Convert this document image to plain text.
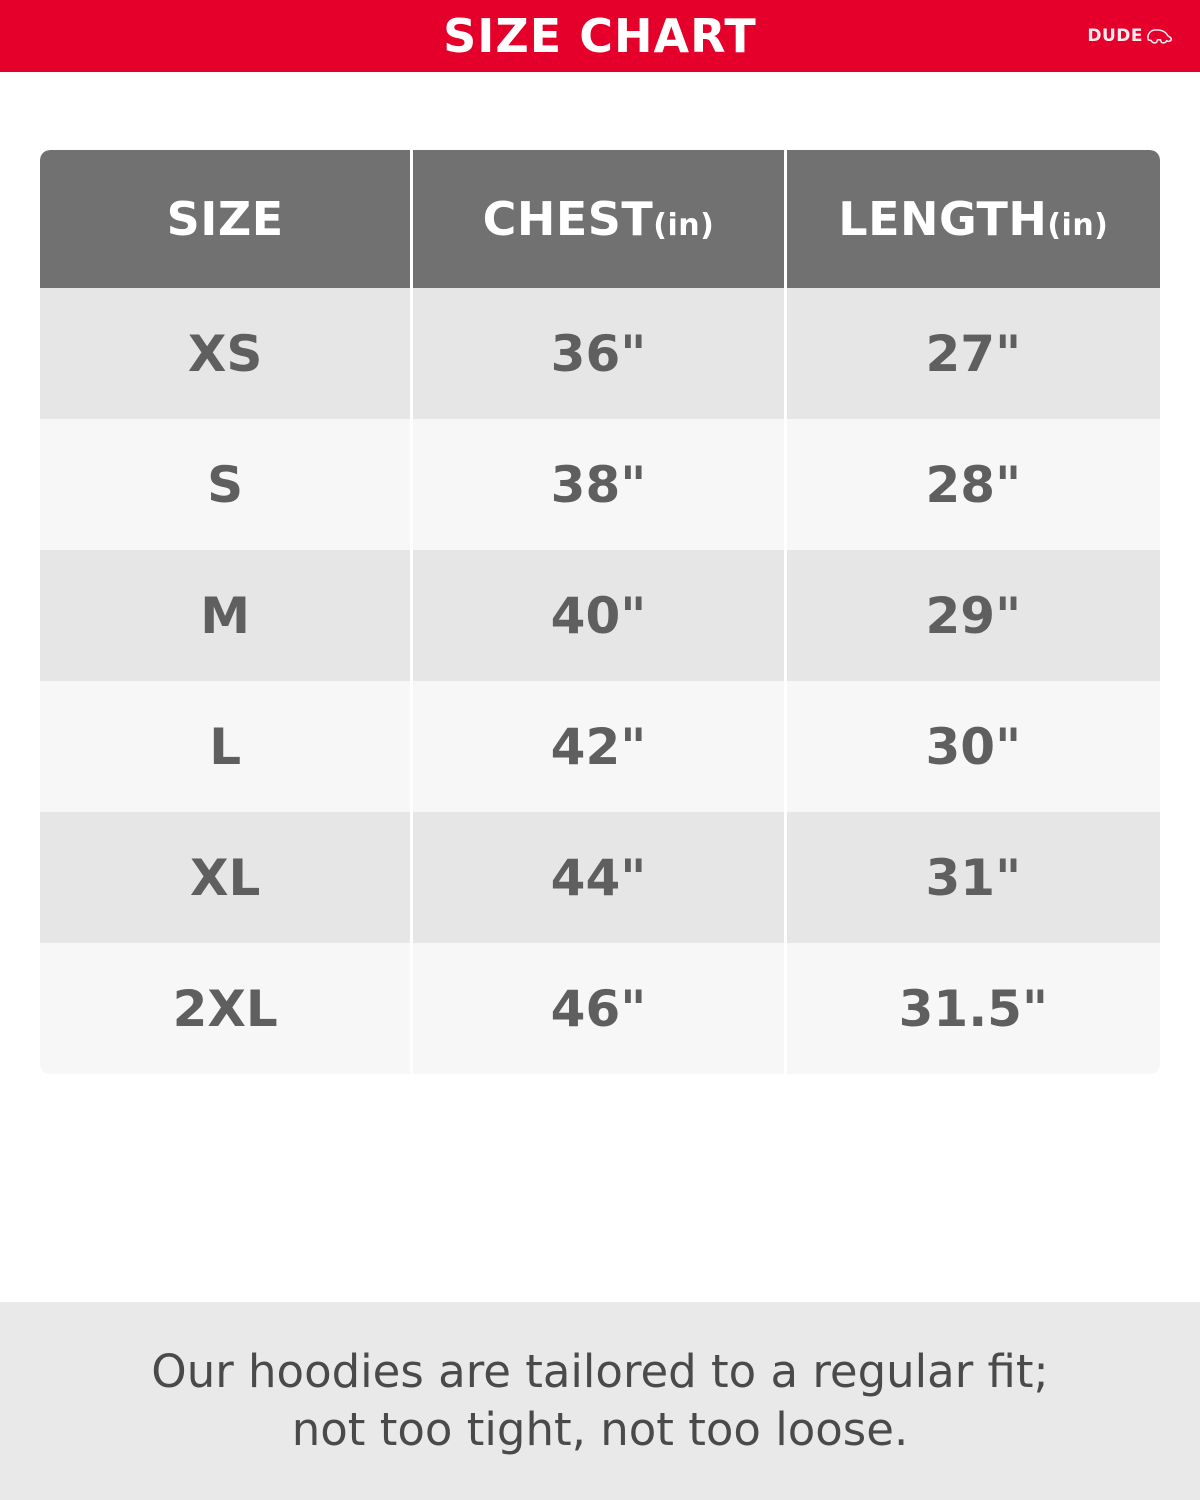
SIZE CHART	DUDE
SIZE	CHEST(in)	LENGTH(in)
XS	36"	27"
S	38"	28"
M	40"	29"
L	42"	30"
XL	44"	31"
2XL	46"	31.5"

Our hoodies are tailored to a regular fit;

not too tight, not too loose.
